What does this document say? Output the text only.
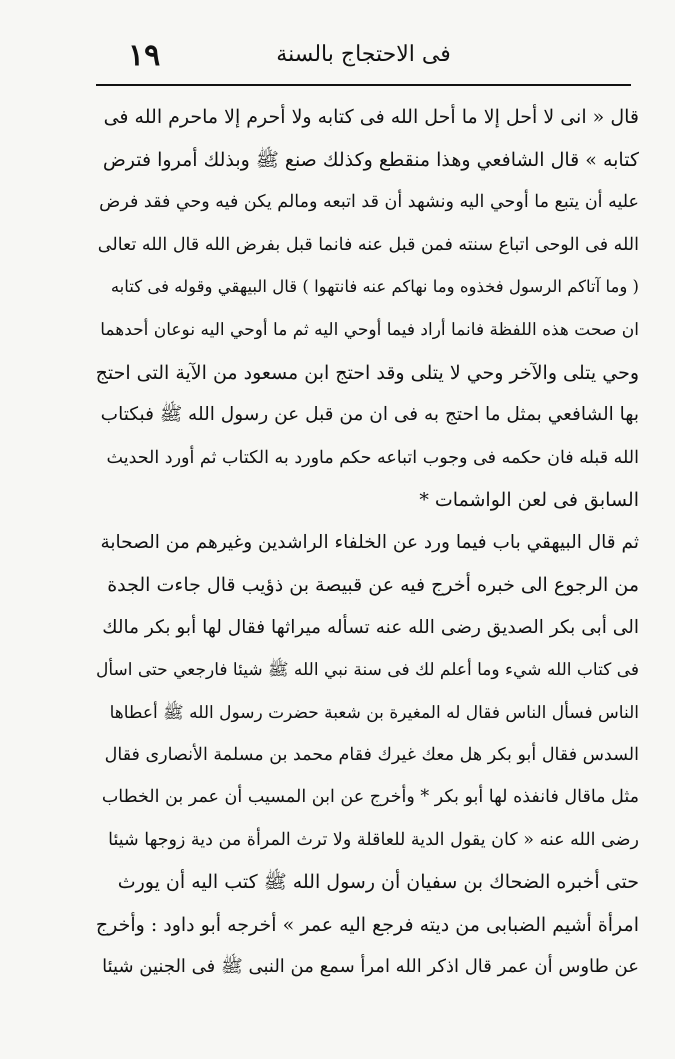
١٩	فى الاحتجاج بالسنة
قال « انى لا أحل إلا ما أحل الله فى كتابه ولا أحرم إلا ماحرم الله فى
كتابه » قال الشافعي وهذا منقطع وكذلك صنع ﷺ وبذلك أمروا فترض
عليه أن يتبع ما أوحي اليه ونشهد أن قد اتبعه ومالم يكن فيه وحي فقد فرض
الله فى الوحى اتباع سنته فمن قبل عنه فانما قبل بفرض الله قال الله تعالى
( وما آتاكم الرسول فخذوه وما نهاكم عنه فانتهوا ) قال البيهقي وقوله فى كتابه
ان صحت هذه اللفظة فانما أراد فيما أوحي اليه ثم ما أوحي اليه نوعان أحدهما
وحي يتلى والآخر وحي لا يتلى وقد احتج ابن مسعود من الآية التى احتج
بها الشافعي بمثل ما احتج به فى ان من قبل عن رسول الله ﷺ فبكتاب
الله قبله فان حكمه فى وجوب اتباعه حكم ماورد به الكتاب ثم أورد الحديث
السابق فى لعن الواشمات *
ثم قال البيهقي باب فيما ورد عن الخلفاء الراشدين وغيرهم من الصحابة
من الرجوع الى خبره أخرج فيه عن قبيصة بن ذؤيب قال جاءت الجدة
الى أبى بكر الصديق رضى الله عنه تسأله ميراثها فقال لها أبو بكر مالك
فى كتاب الله شيء وما أعلم لك فى سنة نبي الله ﷺ شيئا فارجعي حتى اسأل
الناس فسأل الناس فقال له المغيرة بن شعبة حضرت رسول الله ﷺ أعطاها
السدس فقال أبو بكر هل معك غيرك فقام محمد بن مسلمة الأنصارى فقال
مثل ماقال فانفذه لها أبو بكر * وأخرج عن ابن المسيب أن عمر بن الخطاب
رضى الله عنه « كان يقول الدية للعاقلة ولا ترث المرأة من دية زوجها شيئا
حتى أخبره الضحاك بن سفيان أن رسول الله ﷺ كتب اليه أن يورث
امرأة أشيم الضبابى من ديته فرجع اليه عمر » أخرجه أبو داود : وأخرج
عن طاوس أن عمر قال اذكر الله امرأ سمع من النبى ﷺ فى الجنين شيئا
